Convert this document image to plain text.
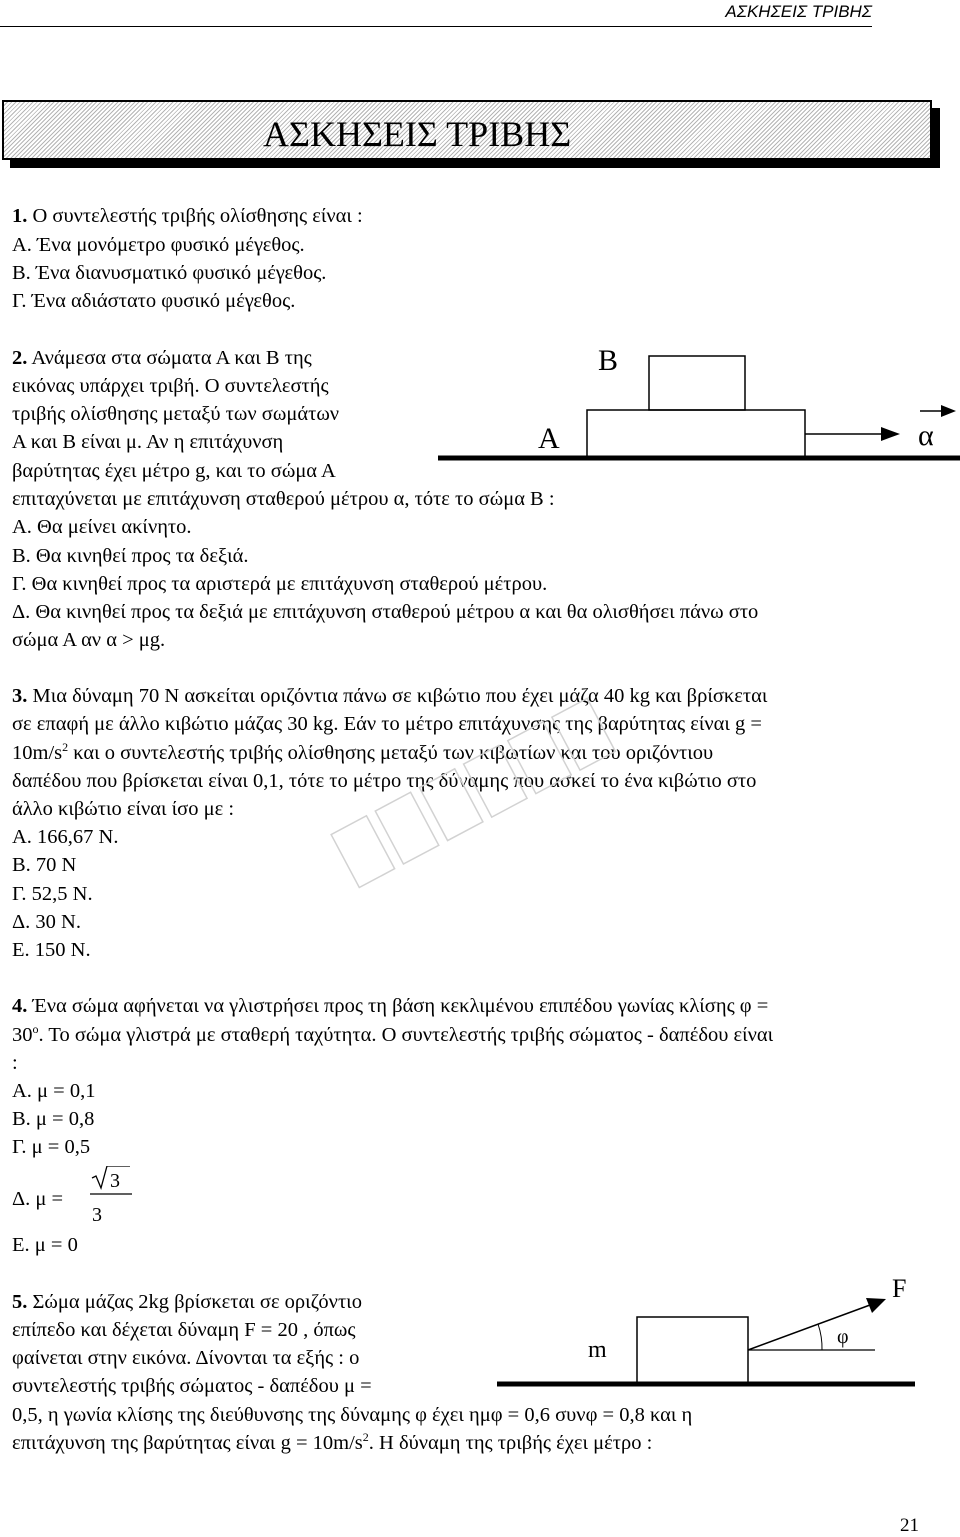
ΑΣΚΗΣΕΙΣ ΤΡΙΒΗΣ
ΑΣΚΗΣΕΙΣ ΤΡΙΒΗΣ
1. Ο συντελεστής τριβής ολίσθησης είναι :
Α. Ένα μονόμετρο φυσικό μέγεθος.
Β. Ένα διανυσματικό φυσικό μέγεθος.
Γ. Ένα αδιάστατο φυσικό μέγεθος.
2. Ανάμεσα στα σώματα Α και Β της
εικόνας υπάρχει τριβή. Ο συντελεστής
τριβής ολίσθησης μεταξύ των σωμάτων
Α και Β είναι μ. Αν η επιτάχυνση
βαρύτητας έχει μέτρο g, και το σώμα Α
επιταχύνεται με επιτάχυνση σταθερού μέτρου α, τότε το σώμα Β :
Α. Θα μείνει ακίνητο.
Β. Θα κινηθεί προς τα δεξιά.
Γ. Θα κινηθεί προς τα αριστερά με επιτάχυνση σταθερού μέτρου.
Δ. Θα κινηθεί προς τα δεξιά με επιτάχυνση σταθερού μέτρου α και θα ολισθήσει πάνω στο
σώμα Α αν α > μg.
Β
Α	α
3. Μια δύναμη 70 Ν ασκείται οριζόντια πάνω σε κιβώτιο που έχει μάζα 40 kg και βρίσκεται
σε επαφή με άλλο κιβώτιο μάζας 30 kg. Εάν το μέτρο επιτάχυνσης της βαρύτητας είναι g =
$10m/s^2$ και ο συντελεστής τριβής ολίσθησης μεταξύ των κιβωτίων και του οριζόντιου
δαπέδου που βρίσκεται είναι 0,1, τότε το μέτρο της δύναμης που ασκεί το ένα κιβώτιο στο
άλλο κιβώτιο είναι ίσο με :
Α. 166,67 Ν.
Β. 70 Ν
Γ. 52,5 Ν.
Δ. 30 Ν.
Ε. 150 Ν.
4. Ένα σώμα αφήνεται να γλιστρήσει προς τη βάση κεκλιμένου επιπέδου γωνίας κλίσης φ =
$30^o$. Το σώμα γλιστρά με σταθερή ταχύτητα. Ο συντελεστής τριβής σώματος - δαπέδου είναι
:
Α. μ = 0,1
Β. μ = 0,8
Γ. μ = 0,5
Δ. μ =
3
3
Ε. μ = 0
5. Σώμα μάζας 2kg βρίσκεται σε οριζόντιο
επίπεδο και δέχεται δύναμη F = 20 , όπως
φαίνεται στην εικόνα. Δίνονται τα εξής : ο
συντελεστής τριβής σώματος - δαπέδου μ =
0,5, η γωνία κλίσης της διεύθυνσης της δύναμης φ έχει ημφ = 0,6 συνφ = 0,8 και η
επιτάχυνση της βαρύτητας είναι $g = 10m/s^2$. Η δύναμη της τριβής έχει μέτρο :
m
F
φ
21
